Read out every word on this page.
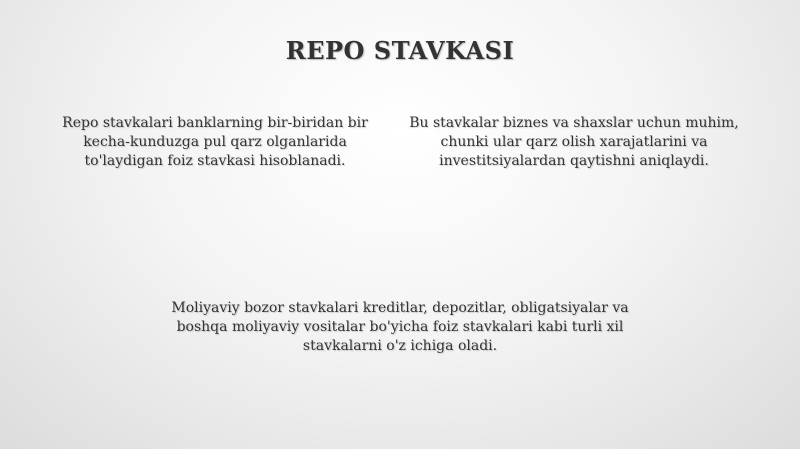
REPO STAVKASI
Repo stavkalari banklarning bir-biridan bir kecha-kunduzga pul qarz olganlarida to'laydigan foiz stavkasi hisoblanadi.
Bu stavkalar biznes va shaxslar uchun muhim, chunki ular qarz olish xarajatlarini va investitsiyalardan qaytishni aniqlaydi.
Moliyaviy bozor stavkalari kreditlar, depozitlar, obligatsiyalar va boshqa moliyaviy vositalar bo'yicha foiz stavkalari kabi turli xil stavkalarni o'z ichiga oladi.
